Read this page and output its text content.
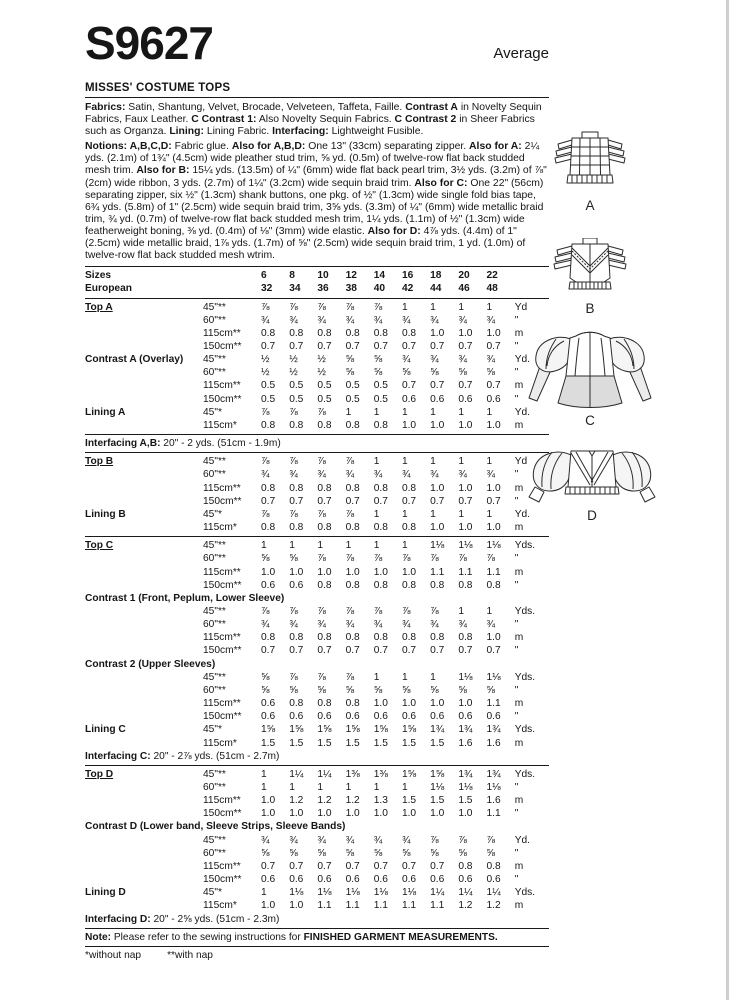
S9627	Average
MISSES' COSTUME TOPS
Fabrics: Satin, Shantung, Velvet, Brocade, Velveteen, Taffeta, Faille. Contrast A in Novelty Sequin Fabrics, Faux Leather. C Contrast 1: Also Novelty Sequin Fabrics. C Contrast 2 in Sheer Fabrics such as Organza. Lining: Lining Fabric. Interfacing: Lightweight Fusible.
Notions: A,B,C,D: Fabric glue. Also for A,B,D: One 13" (33cm) separating zipper. Also for A: 2¼ yds. (2.1m) of 1¾" (4.5cm) wide pleather stud trim, ⅝ yd. (0.5m) of twelve-row flat back studded mesh trim. Also for B: 15¼ yds. (13.5m) of ¼" (6mm) wide flat back pearl trim, 3½ yds. (3.2m) of ⅞" (2cm) wide ribbon, 3 yds. (2.7m) of 1¼" (3.2cm) wide sequin braid trim. Also for C: One 22" (56cm) separating zipper, six ½" (1.3cm) shank buttons, one pkg. of ½" (1.3cm) wide single fold bias tape, 6¾ yds. (5.8m) of 1" (2.5cm) wide sequin braid trim, 3⅝ yds. (3.3m) of ¼" (6mm) wide metallic braid trim, ¾ yd. (0.7m) of twelve-row flat back studded mesh trim, 1¼ yds. (1.1m) of ½" (1.3cm) wide featherweight boning, ⅜ yd. (0.4m) of ⅛" (3mm) wide elastic. Also for D: 4⅞ yds. (4.4m) of 1" (2.5cm) wide metallic braid, 1⅞ yds. (1.7m) of ⅝" (2.5cm) wide sequin braid trim, 1 yd. (1.0m) of twelve-row flat back studded mesh wtrim.
Sizes	6	8	10	12	14	16	18	20	22
European	32	34	36	38	40	42	44	46	48
Top A	45"**	⅞	⅞	⅞	⅞	⅞	1	1	1	1	Yd
60"**	¾	¾	¾	¾	¾	¾	¾	¾	¾	"
115cm**	0.8	0.8	0.8	0.8	0.8	0.8	1.0	1.0	1.0	m
150cm**	0.7	0.7	0.7	0.7	0.7	0.7	0.7	0.7	0.7	"
Contrast A (Overlay)	45"**	½	½	½	⅝	⅝	¾	¾	¾	¾	Yd.
60"**	½	½	½	⅝	⅝	⅝	⅝	⅝	⅝	"
115cm**	0.5	0.5	0.5	0.5	0.5	0.7	0.7	0.7	0.7	m
150cm**	0.5	0.5	0.5	0.5	0.5	0.6	0.6	0.6	0.6	"
Lining A	45"*	⅞	⅞	⅞	1	1	1	1	1	1	Yd.
115cm*	0.8	0.8	0.8	0.8	0.8	1.0	1.0	1.0	1.0	m
Interfacing A,B: 20" - 2 yds. (51cm - 1.9m)
Top B	45"**	⅞	⅞	⅞	⅞	1	1	1	1	1	Yd
60"**	¾	¾	¾	¾	¾	¾	¾	¾	¾	"
115cm**	0.8	0.8	0.8	0.8	0.8	0.8	1.0	1.0	1.0	m
150cm**	0.7	0.7	0.7	0.7	0.7	0.7	0.7	0.7	0.7	"
Lining B	45"*	⅞	⅞	⅞	⅞	1	1	1	1	1	Yd.
115cm*	0.8	0.8	0.8	0.8	0.8	0.8	1.0	1.0	1.0	m
Top C	45"**	1	1	1	1	1	1	1⅛	1⅛	1⅛	Yds.
60"**	⅝	⅝	⅞	⅞	⅞	⅞	⅞	⅞	⅞	"
115cm**	1.0	1.0	1.0	1.0	1.0	1.0	1.1	1.1	1.1	m
150cm**	0.6	0.6	0.8	0.8	0.8	0.8	0.8	0.8	0.8	"
Contrast 1 (Front, Peplum, Lower Sleeve)
45"**	⅞	⅞	⅞	⅞	⅞	⅞	⅞	1	1	Yds.
60"**	¾	¾	¾	¾	¾	¾	¾	¾	¾	"
115cm**	0.8	0.8	0.8	0.8	0.8	0.8	0.8	0.8	1.0	m
150cm**	0.7	0.7	0.7	0.7	0.7	0.7	0.7	0.7	0.7	"
Contrast 2 (Upper Sleeves)
45"**	⅝	⅞	⅞	⅞	1	1	1	1⅛	1⅛	Yds.
60"**	⅝	⅝	⅝	⅝	⅝	⅝	⅝	⅝	⅝	"
115cm**	0.6	0.8	0.8	0.8	1.0	1.0	1.0	1.0	1.1	m
150cm**	0.6	0.6	0.6	0.6	0.6	0.6	0.6	0.6	0.6	"
Lining C	45"*	1⅝	1⅝	1⅝	1⅝	1⅝	1⅝	1¾	1¾	1¾	Yds.
115cm*	1.5	1.5	1.5	1.5	1.5	1.5	1.5	1.6	1.6	m
Interfacing C: 20" - 2⅞ yds. (51cm - 2.7m)
Top D	45"**	1	1¼	1¼	1⅜	1⅜	1⅝	1⅝	1¾	1¾	Yds.
60"**	1	1	1	1	1	1	1⅛	1⅛	1⅛	"
115cm**	1.0	1.2	1.2	1.2	1.3	1.5	1.5	1.5	1.6	m
150cm**	1.0	1.0	1.0	1.0	1.0	1.0	1.0	1.0	1.1	"
Contrast D (Lower band, Sleeve Strips, Sleeve Bands)
45"**	¾	¾	¾	¾	¾	¾	⅞	⅞	⅞	Yd.
60"**	⅝	⅝	⅝	⅝	⅝	⅝	⅝	⅝	⅝	"
115cm**	0.7	0.7	0.7	0.7	0.7	0.7	0.7	0.8	0.8	m
150cm**	0.6	0.6	0.6	0.6	0.6	0.6	0.6	0.6	0.6	"
Lining D	45"*	1	1⅛	1⅛	1⅛	1⅛	1⅛	1¼	1¼	1¼	Yds.
115cm*	1.0	1.0	1.1	1.1	1.1	1.1	1.1	1.2	1.2	m
Interfacing D: 20" - 2⅝ yds. (51cm - 2.3m)
Note: Please refer to the sewing instructions for FINISHED GARMENT MEASUREMENTS.
*without nap	**with nap
A
B
C
D
